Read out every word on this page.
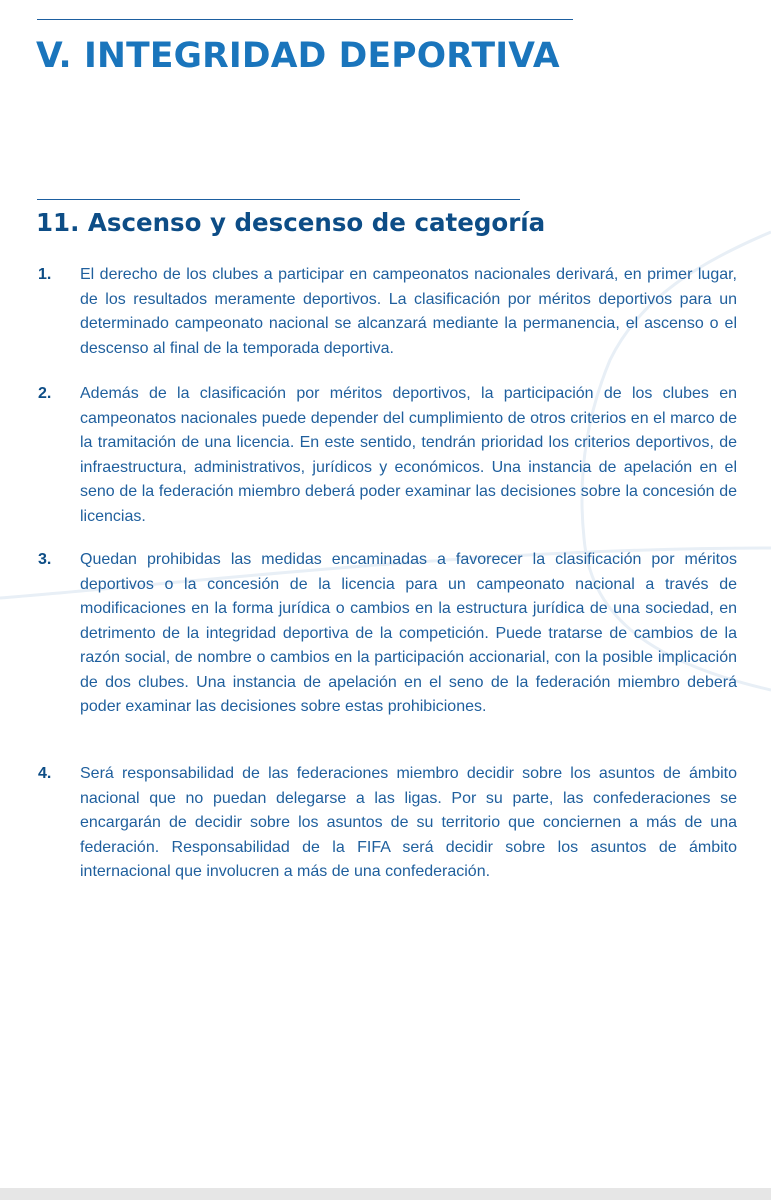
V. INTEGRIDAD DEPORTIVA
11. Ascenso y descenso de categoría
1.	El derecho de los clubes a participar en campeonatos nacionales derivará, en primer lugar, de los resultados meramente deportivos. La clasificación por méritos deportivos para un determinado campeonato nacional se alcanzará mediante la permanencia, el ascenso o el descenso al final de la temporada deportiva.

2.	Además de la clasificación por méritos deportivos, la participación de los clubes en campeonatos nacionales puede depender del cumplimiento de otros criterios en el marco de la tramitación de una licencia. En este sentido, tendrán prioridad los criterios deportivos, de infraestructura, administrativos, jurídicos y económicos. Una instancia de apelación en el seno de la federación miembro deberá poder examinar las decisiones sobre la concesión de licencias.

3.	Quedan prohibidas las medidas encaminadas a favorecer la clasificación por méritos deportivos o la concesión de la licencia para un campeonato nacional a través de modificaciones en la forma jurídica o cambios en la estructura jurídica de una sociedad, en detrimento de la integridad deportiva de la competición. Puede tratarse de cambios de la razón social, de nombre o cambios en la participación accionarial, con la posible implicación de dos clubes. Una instancia de apelación en el seno de la federación miembro deberá poder examinar las decisiones sobre estas prohibiciones.

4.	Será responsabilidad de las federaciones miembro decidir sobre los asuntos de ámbito nacional que no puedan delegarse a las ligas. Por su parte, las confederaciones se encargarán de decidir sobre los asuntos de su territorio que conciernen a más de una federación. Responsabilidad de la FIFA será decidir sobre los asuntos de ámbito internacional que involucren a más de una confederación.
